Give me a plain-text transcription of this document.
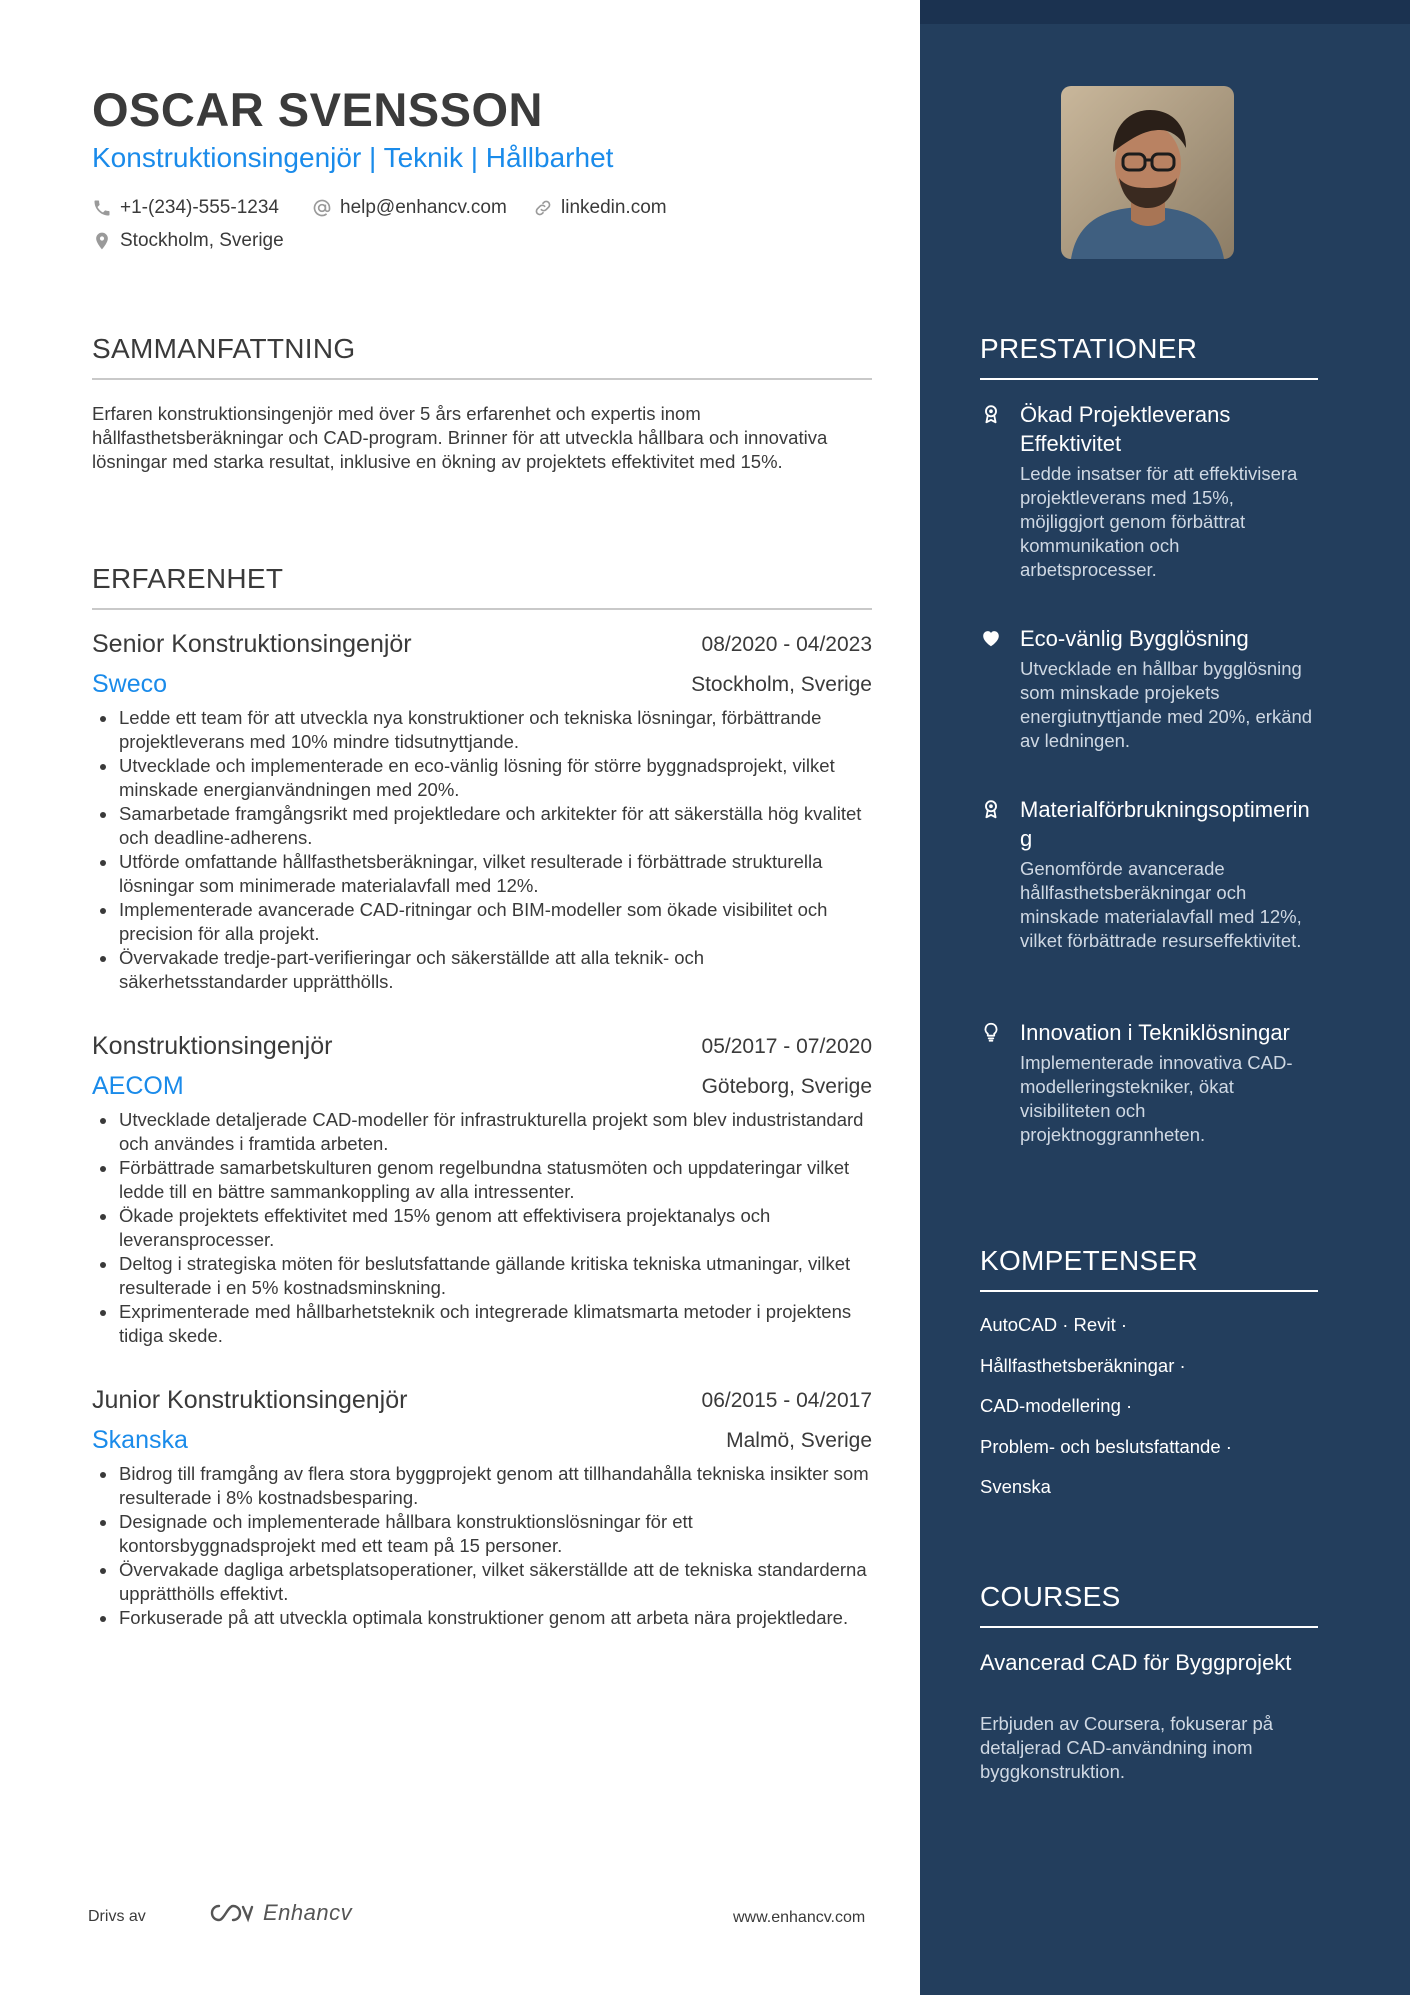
OSCAR SVENSSON
Konstruktionsingenjör | Teknik | Hållbarhet
+1-(234)-555-1234	help@enhancv.com	linkedin.com
Stockholm, Sverige
SAMMANFATTNING
Erfaren konstruktionsingenjör med över 5 års erfarenhet och expertis inom hållfasthetsberäkningar och CAD-program. Brinner för att utveckla hållbara och innovativa lösningar med starka resultat, inklusive en ökning av projektets effektivitet med 15%.
ERFARENHET
Senior Konstruktionsingenjör	08/2020 - 04/2023
Sweco	Stockholm, Sverige
Ledde ett team för att utveckla nya konstruktioner och tekniska lösningar, förbättrande projektleverans med 10% mindre tidsutnyttjande.
Utvecklade och implementerade en eco-vänlig lösning för större byggnadsprojekt, vilket minskade energianvändningen med 20%.
Samarbetade framgångsrikt med projektledare och arkitekter för att säkerställa hög kvalitet och deadline-adherens.
Utförde omfattande hållfasthetsberäkningar, vilket resulterade i förbättrade strukturella lösningar som minimerade materialavfall med 12%.
Implementerade avancerade CAD-ritningar och BIM-modeller som ökade visibilitet och precision för alla projekt.
Övervakade tredje-part-verifieringar och säkerställde att alla teknik- och säkerhetsstandarder upprätthölls.
Konstruktionsingenjör	05/2017 - 07/2020
AECOM	Göteborg, Sverige
Utvecklade detaljerade CAD-modeller för infrastrukturella projekt som blev industristandard och användes i framtida arbeten.
Förbättrade samarbetskulturen genom regelbundna statusmöten och uppdateringar vilket ledde till en bättre sammankoppling av alla intressenter.
Ökade projektets effektivitet med 15% genom att effektivisera projektanalys och leveransprocesser.
Deltog i strategiska möten för beslutsfattande gällande kritiska tekniska utmaningar, vilket resulterade i en 5% kostnadsminskning.
Exprimenterade med hållbarhetsteknik och integrerade klimatsmarta metoder i projektens tidiga skede.
Junior Konstruktionsingenjör	06/2015 - 04/2017
Skanska	Malmö, Sverige
Bidrog till framgång av flera stora byggprojekt genom att tillhandahålla tekniska insikter som resulterade i 8% kostnadsbesparing.
Designade och implementerade hållbara konstruktionslösningar för ett kontorsbyggnadsprojekt med ett team på 15 personer.
Övervakade dagliga arbetsplatsoperationer, vilket säkerställde att de tekniska standarderna upprätthölls effektivt.
Forkuserade på att utveckla optimala konstruktioner genom att arbeta nära projektledare.
Drivs av	Enhancv	www.enhancv.com
PRESTATIONER
Ökad Projektleverans Effektivitet
Ledde insatser för att effektivisera projektleverans med 15%, möjliggjort genom förbättrat kommunikation och arbetsprocesser.
Eco-vänlig Bygglösning
Utvecklade en hållbar bygglösning som minskade projekets energiutnyttjande med 20%, erkänd av ledningen.
Materialförbrukningsoptimering
Genomförde avancerade hållfasthetsberäkningar och minskade materialavfall med 12%, vilket förbättrade resurseffektivitet.
Innovation i Tekniklösningar
Implementerade innovativa CAD-modelleringstekniker, ökat visibiliteten och projektnoggrannheten.
KOMPETENSER
AutoCAD · Revit ·
Hållfasthetsberäkningar ·
CAD-modellering ·
Problem- och beslutsfattande ·
Svenska
COURSES
Avancerad CAD för Byggprojekt
Erbjuden av Coursera, fokuserar på detaljerad CAD-användning inom byggkonstruktion.
